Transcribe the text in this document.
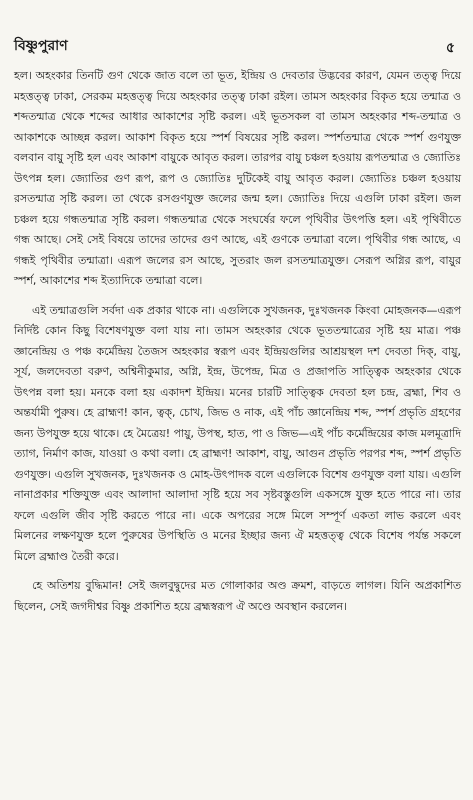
বিষ্ণুপুরাণ	৫

হল। অহংকার তিনটি গুণ থেকে জাত বলে তা ভূত, ইন্দ্রিয় ও দেবতার উদ্ভবের কারণ, যেমন তত্ত্ব দিয়ে মহত্তত্ত্ব ঢাকা, সেরকম মহত্তত্ত্ব দিয়ে অহংকার তত্ত্ব ঢাকা রইল। তামস অহংকার বিকৃত হয়ে তন্মাত্র ও শব্দতন্মাত্র থেকে শব্দের আধার আকাশের সৃষ্টি করল। এই ভূতসকল বা তামস অহংকার শব্দ-তন্মাত্র ও আকাশকে আচ্ছন্ন করল। আকাশ বিকৃত হয়ে স্পর্শ বিষয়ের সৃষ্টি করল। স্পর্শতন্মাত্র থেকে স্পর্শ গুণযুক্ত বলবান বায়ু সৃষ্টি হল এবং আকাশ বায়ুকে আবৃত করল। তারপর বায়ু চঞ্চল হওয়ায় রূপতন্মাত্র ও জ্যোতিঃ উৎপন্ন হল। জ্যোতির গুণ রূপ, রূপ ও জ্যোতিঃ দুটিকেই বায়ু আবৃত করল। জ্যোতিঃ চঞ্চল হওয়ায় রসতন্মাত্র সৃষ্টি করল। তা থেকে রসগুণযুক্ত জলের জন্ম হল। জ্যোতিঃ দিয়ে এগুলি ঢাকা রইল। জল চঞ্চল হয়ে গন্ধতন্মাত্র সৃষ্টি করল। গন্ধতন্মাত্র থেকে সংঘর্ষের ফলে পৃথিবীর উৎপত্তি হল। এই পৃথিবীতে গন্ধ আছে। সেই সেই বিষয়ে তাদের তাদের গুণ আছে, এই গুণকে তন্মাত্রা বলে। পৃথিবীর গন্ধ আছে, এ গন্ধই পৃথিবীর তন্মাত্রা। এরূপ জলের রস আছে, সুতরাং জল রসতন্মাত্রযুক্ত। সেরূপ অগ্নির রূপ, বায়ুর স্পর্শ, আকাশের শব্দ ইত্যাদিকে তন্মাত্রা বলে।

এই তন্মাত্রগুলি সর্বদা এক প্রকার থাকে না। এগুলিকে সুখজনক, দুঃখজনক কিংবা মোহজনক—এরূপ নির্দিষ্ট কোন কিছু বিশেষণযুক্ত বলা যায় না। তামস অহংকার থেকে ভূততন্মাত্রের সৃষ্টি হয় মাত্র। পঞ্চ জ্ঞানেন্দ্রিয় ও পঞ্চ কর্মেন্দ্রিয় তৈজস অহংকার স্বরূপ এবং ইন্দ্রিয়গুলির আশ্রয়স্থল দশ দেবতা দিক্, বায়ু, সূর্য, জলদেবতা বরুণ, অশ্বিনীকুমার, অগ্নি, ইন্দ্র, উপেন্দ্র, মিত্র ও প্রজাপতি সাত্ত্বিক অহংকার থেকে উৎপন্ন বলা হয়। মনকে বলা হয় একাদশ ইন্দ্রিয়। মনের চারটি সাত্ত্বিক দেবতা হল চন্দ্র, ব্রহ্মা, শিব ও অন্তর্যামী পুরুষ। হে ব্রাহ্মণ! কান, ত্বক্, চোখ, জিভ ও নাক, এই পাঁচ জ্ঞানেন্দ্রিয় শব্দ, স্পর্শ প্রভৃতি গ্রহণের জন্য উপযুক্ত হয়ে থাকে। হে মৈত্রেয়! পায়ু, উপস্থ, হাত, পা ও জিভ—এই পাঁচ কর্মেন্দ্রিয়ের কাজ মলমূত্রাদি ত্যাগ, নির্মাণ কাজ, যাওয়া ও কথা বলা। হে ব্রাহ্মণ! আকাশ, বায়ু, আগুন প্রভৃতি পরপর শব্দ, স্পর্শ প্রভৃতি গুণযুক্ত। এগুলি সুখজনক, দুঃখজনক ও মোহ-উৎপাদক বলে এগুলিকে বিশেষ গুণযুক্ত বলা যায়। এগুলি নানাপ্রকার শক্তিযুক্ত এবং আলাদা আলাদা সৃষ্টি হয়ে সব সৃষ্টবস্তুগুলি একসঙ্গে যুক্ত হতে পারে না। তার ফলে এগুলি জীব সৃষ্টি করতে পারে না। একে অপরের সঙ্গে মিলে সম্পূর্ণ একতা লাভ করলে এবং মিলনের লক্ষণযুক্ত হলে পুরুষের উপস্থিতি ও মনের ইচ্ছার জন্য ঐ মহত্তত্ত্ব থেকে বিশেষ পর্যন্ত সকলে মিলে ব্রহ্মাণ্ড তৈরী করে।

হে অতিশয় বুদ্ধিমান! সেই জলবুদ্বুদের মত গোলাকার অণ্ড ক্রমশ, বাড়তে লাগল। যিনি অপ্রকাশিত ছিলেন, সেই জগদীশ্বর বিষ্ণু প্রকাশিত হয়ে ব্রহ্মস্বরূপ ঐ অণ্ডে অবস্থান করলেন।
